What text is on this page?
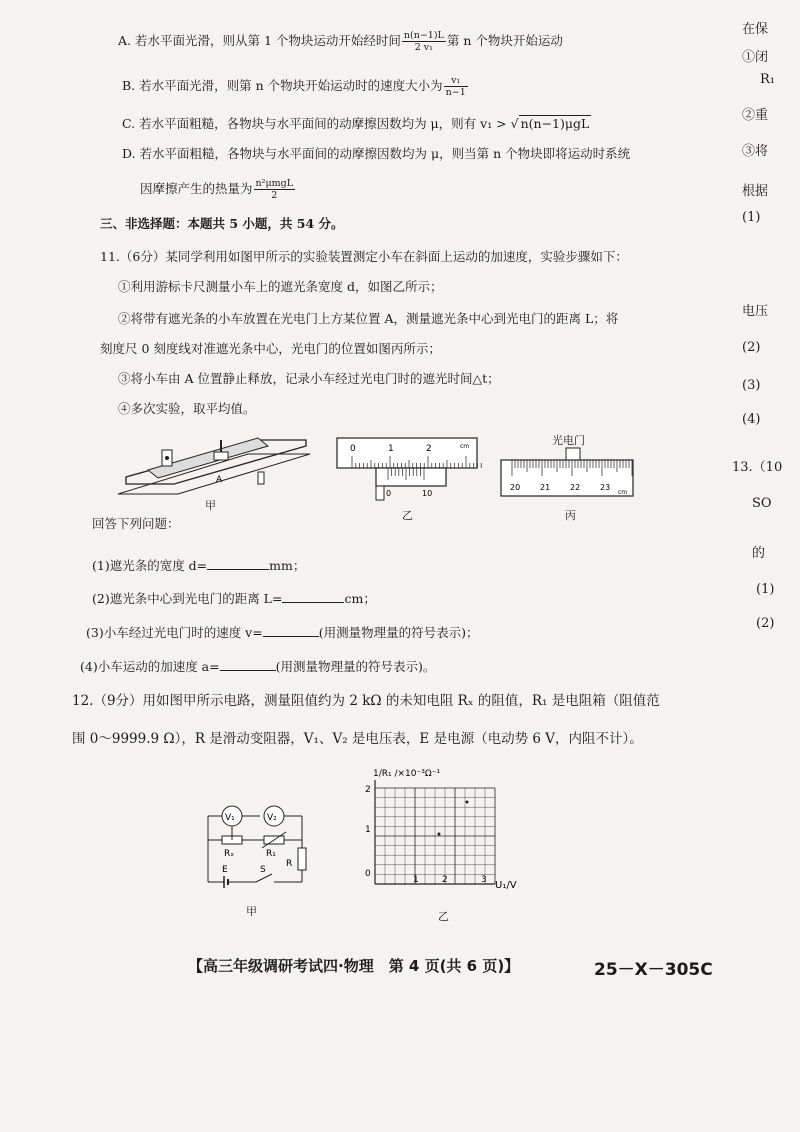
A. 若水平面光滑，则从第 1 个物块运动开始经时间 $\frac{n(n-1)L}{\text{2 v₁}}$ 第 n 个物块开始运动
B. 若水平面光滑，则第 n 个物块开始运动时的速度大小为 $\frac{\text{v₁}}{n-1}$
C. 若水平面粗糙，各物块与水平面间的动摩擦因数均为 μ，则有 v₁ > √ n(n−1)μgL
D. 若水平面粗糙，各物块与水平面间的动摩擦因数均为 μ，则当第 n 个物块即将运动时系统
因摩擦产生的热量为 $\frac{\text{n²μmgL}}{2}$
三、非选择题：本题共 5 小题，共 54 分。
11.（6分）某同学利用如图甲所示的实验装置测定小车在斜面上运动的加速度，实验步骤如下：
①利用游标卡尺测量小车上的遮光条宽度 d，如图乙所示；
②将带有遮光条的小车放置在光电门上方某位置 A，测量遮光条中心到光电门的距离 L；将
刻度尺 0 刻度线对准遮光条中心，光电门的位置如图丙所示；
③将小车由 A 位置静止释放，记录小车经过光电门时的遮光时间△t；
④多次实验，取平均值。
A
甲
0	1	2	cm
0	10
乙
光电门
20 21 22 23
cm
丙
回答下列问题：
(1)遮光条的宽度 d=	mm；
(2)遮光条中心到光电门的距离 L=	cm；
(3)小车经过光电门时的速度 v=	(用测量物理量的符号表示)；
(4)小车运动的加速度 a=	(用测量物理量的符号表示)。
12.（9分）用如图甲所示电路，测量阻值约为 2 kΩ 的未知电阻 Rₓ 的阻值，R₁ 是电阻箱（阻值范
围 0～9999.9 Ω），R 是滑动变阻器，V₁、V₂ 是电压表，E 是电源（电动势 6 V，内阻不计）。
V₁	V₂
Rₓ	R₁
R
E	S
甲
1/R₁ /×10⁻³Ω⁻¹
0
1
2
1	2	3 U₁/V
乙
在保
①闭
R₁
②重
③将
根据
(1)
电压
(2)
(3)
(4)
13.（10
SO
的
(1)
(2)
【高三年级调研考试四·物理　第 4 页(共 6 页)】	25－X－305C
